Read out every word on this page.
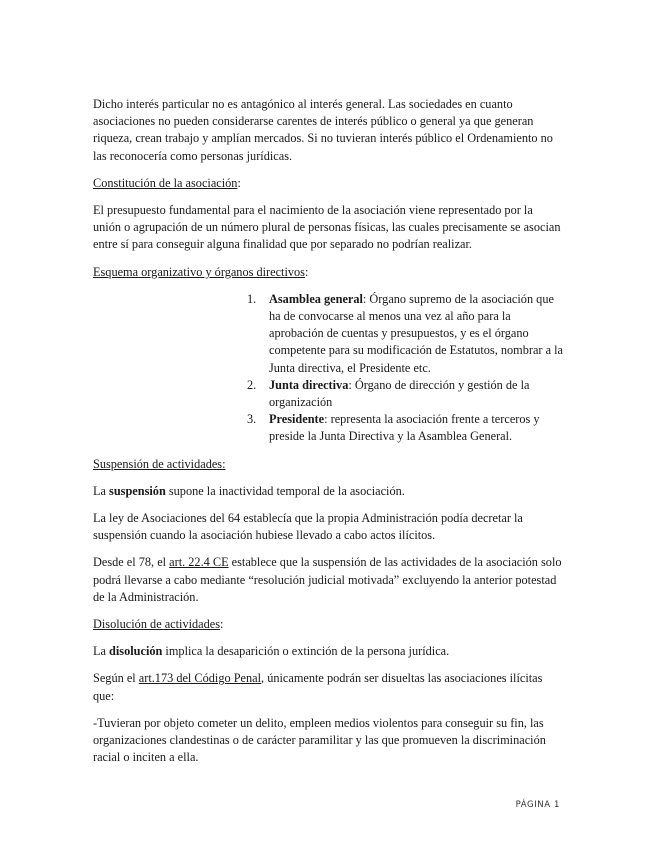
Dicho interés particular no es antagónico al interés general. Las sociedades en cuanto asociaciones no pueden considerarse carentes de interés público o general ya que generan riqueza, crean trabajo y amplían mercados. Si no tuvieran interés público el Ordenamiento no las reconocería como personas jurídicas.

Constitución de la asociación:

El presupuesto fundamental para el nacimiento de la asociación viene representado por la unión o agrupación de un número plural de personas físicas, las cuales precisamente se asocian entre sí para conseguir alguna finalidad que por separado no podrían realizar.

Esquema organizativo y órganos directivos:

1. Asamblea general: Órgano supremo de la asociación que ha de convocarse al menos una vez al año para la aprobación de cuentas y presupuestos, y es el órgano competente para su modificación de Estatutos, nombrar a la Junta directiva, el Presidente etc.
2. Junta directiva: Órgano de dirección y gestión de la organización
3. Presidente: representa la asociación frente a terceros y preside la Junta Directiva y la Asamblea General.

Suspensión de actividades:

La suspensión supone la inactividad temporal de la asociación.

La ley de Asociaciones del 64 establecía que la propia Administración podía decretar la suspensión cuando la asociación hubiese llevado a cabo actos ilícitos.

Desde el 78, el art. 22.4 CE establece que la suspensión de las actividades de la asociación solo podrá llevarse a cabo mediante “resolución judicial motivada” excluyendo la anterior potestad de la Administración.

Disolución de actividades:

La disolución implica la desaparición o extinción de la persona jurídica.

Según el art.173 del Código Penal, únicamente podrán ser disueltas las asociaciones ilícitas que:

-Tuvieran por objeto cometer un delito, empleen medios violentos para conseguir su fin, las organizaciones clandestinas o de carácter paramilitar y las que promueven la discriminación racial o inciten a ella.

PÁGINA 1
